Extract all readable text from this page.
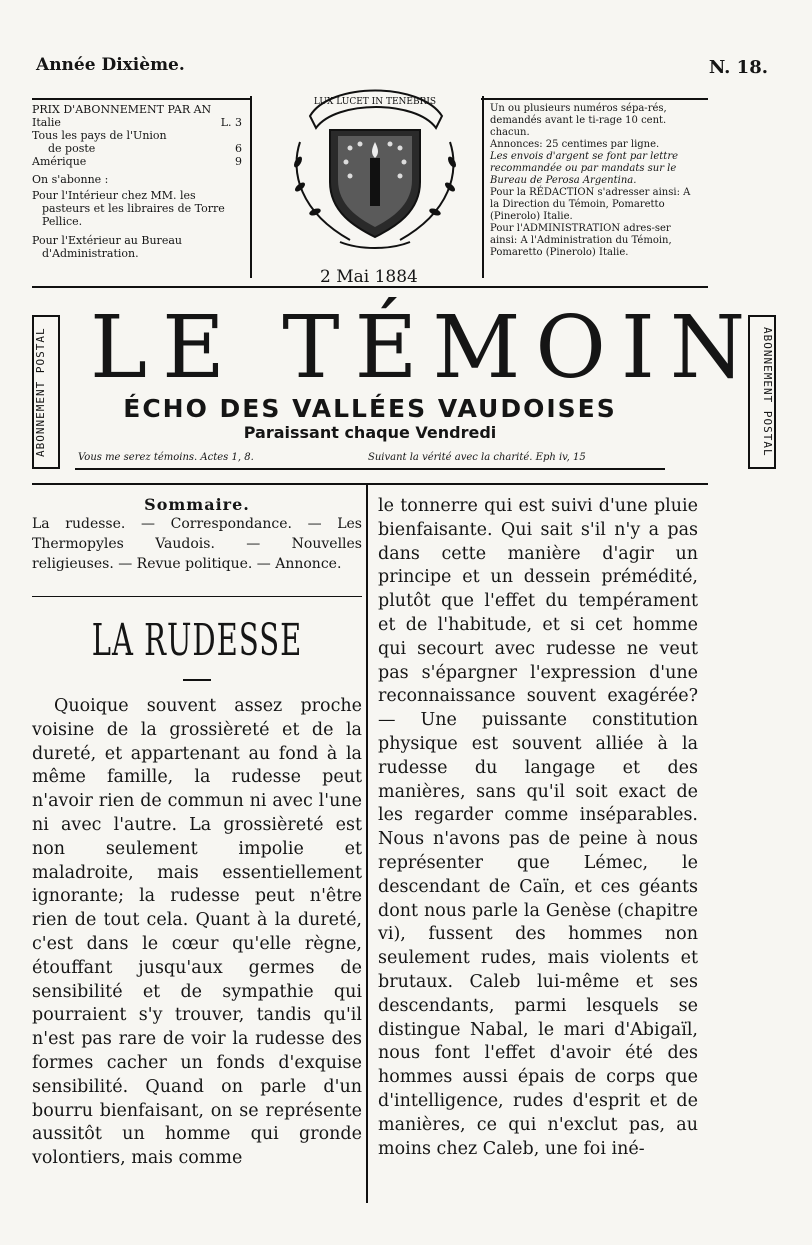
Année Dixième.	N. 18.
PRIX D'ABONNEMENT PAR AN
Italie	L. 3
Tous les pays de l'Union
de poste	6
Amérique	9
On s'abonne :
Pour l'Intérieur chez MM. les pasteurs et les libraires de Torre Pellice.
Pour l'Extérieur au Bureau d'Administration.
LUX LUCET IN TENEBRIS
2 Mai 1884
Un ou plusieurs numéros sépa-rés, demandés avant le ti-rage 10 cent. chacun.
Annonces: 25 centimes par ligne.
Les envois d'argent se font par lettre recommandée ou par mandats sur le Bureau de Perosa Argentina.
Pour la RÉDACTION s'adresser ainsi: A la Direction du Témoin, Pomaretto (Pinerolo) Italie.
Pour l'ADMINISTRATION adres-ser ainsi: A l'Administration du Témoin, Pomaretto (Pinerolo) Italie.
ABONNEMENT POSTAL	ABONNEMENT POSTAL
LE TÉMOIN
ÉCHO DES VALLÉES VAUDOISES
Paraissant chaque Vendredi
Vous me serez témoins. Actes 1, 8.	Suivant la vérité avec la charité. Eph iv, 15

Sommaire.

La rudesse. — Correspondance. — Les Thermopyles Vaudois. — Nouvelles religieuses. — Revue politique. — Annonce.

LA RUDESSE

Quoique souvent assez proche voisine de la grossièreté et de la dureté, et appartenant au fond à la même famille, la rudesse peut n'avoir rien de commun ni avec l'une ni avec l'autre. La grossièreté est non seulement impolie et maladroite, mais essentiellement ignorante; la rudesse peut n'être rien de tout cela. Quant à la dureté, c'est dans le cœur qu'elle règne, étouffant jusqu'aux germes de sensibilité et de sympathie qui pourraient s'y trouver, tandis qu'il n'est pas rare de voir la rudesse des formes cacher un fonds d'exquise sensibilité. Quand on parle d'un bourru bienfaisant, on se représente aussitôt un homme qui gronde volontiers, mais comme

le tonnerre qui est suivi d'une pluie bienfaisante. Qui sait s'il n'y a pas dans cette manière d'agir un principe et un dessein prémédité, plutôt que l'effet du tempérament et de l'habitude, et si cet homme qui secourt avec rudesse ne veut pas s'épargner l'expression d'une reconnaissance souvent exagérée? — Une puissante constitution physique est souvent alliée à la rudesse du langage et des manières, sans qu'il soit exact de les regarder comme inséparables. Nous n'avons pas de peine à nous représenter que Lémec, le descendant de Caïn, et ces géants dont nous parle la Genèse (chapitre vi), fussent des hommes non seulement rudes, mais violents et brutaux. Caleb lui-même et ses descendants, parmi lesquels se distingue Nabal, le mari d'Abigaïl, nous font l'effet d'avoir été des hommes aussi épais de corps que d'intelligence, rudes d'esprit et de manières, ce qui n'exclut pas, au moins chez Caleb, une foi iné-
